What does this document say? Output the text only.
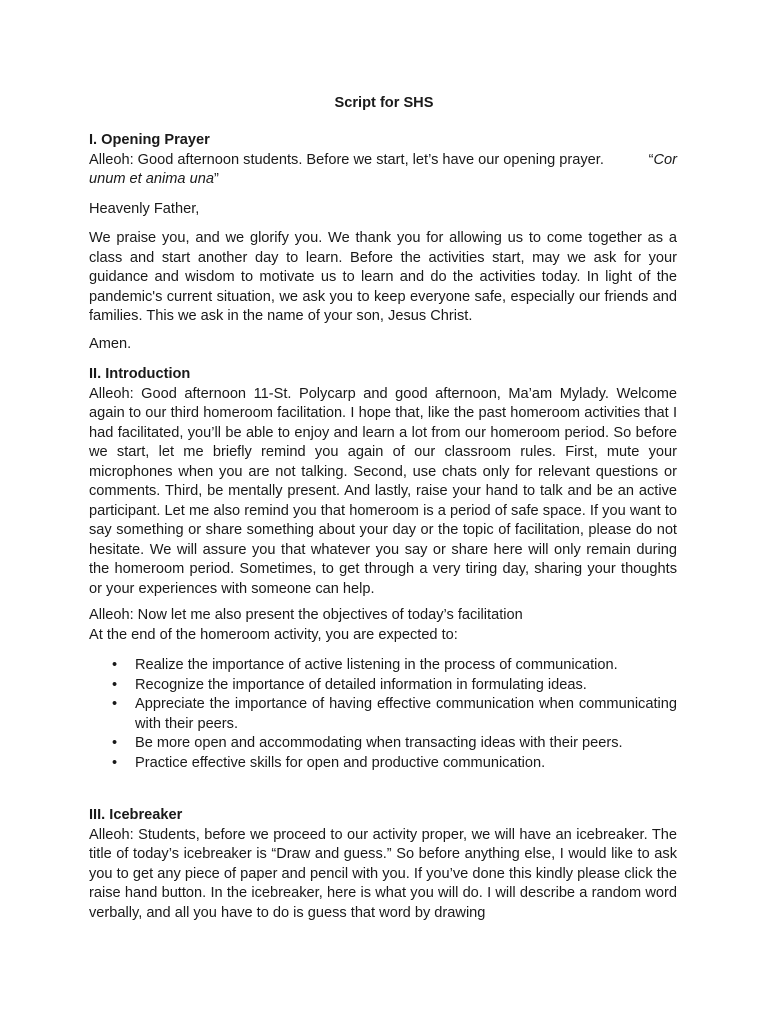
Script for SHS
I. Opening Prayer
Alleoh: Good afternoon students. Before we start, let’s have our opening prayer.	“Cor

unum et anima una”

Heavenly Father,

We praise you, and we glorify you. We thank you for allowing us to come together as a class and start another day to learn. Before the activities start, may we ask for your guidance and wisdom to motivate us to learn and do the activities today. In light of the pandemic's current situation, we ask you to keep everyone safe, especially our friends and families. This we ask in the name of your son, Jesus Christ.

Amen.

II. Introduction

Alleoh: Good afternoon 11-St. Polycarp and good afternoon, Ma’am Mylady. Welcome again to our third homeroom facilitation. I hope that, like the past homeroom activities that I had facilitated, you’ll be able to enjoy and learn a lot from our homeroom period. So before we start, let me briefly remind you again of our classroom rules. First, mute your microphones when you are not talking. Second, use chats only for relevant questions or comments. Third, be mentally present. And lastly, raise your hand to talk and be an active participant. Let me also remind you that homeroom is a period of safe space. If you want to say something or share something about your day or the topic of facilitation, please do not hesitate. We will assure you that whatever you say or share here will only remain during the homeroom period. Sometimes, to get through a very tiring day, sharing your thoughts or your experiences with someone can help.

Alleoh: Now let me also present the objectives of today’s facilitation

At the end of the homeroom activity, you are expected to:

• Realize the importance of active listening in the process of communication.
• Recognize the importance of detailed information in formulating ideas.
• Appreciate the importance of having effective communication when communicating with their peers.
• Be more open and accommodating when transacting ideas with their peers.
• Practice effective skills for open and productive communication.
III. Icebreaker

Alleoh: Students, before we proceed to our activity proper, we will have an icebreaker. The title of today’s icebreaker is “Draw and guess.” So before anything else, I would like to ask you to get any piece of paper and pencil with you. If you’ve done this kindly please click the raise hand button. In the icebreaker, here is what you will do. I will describe a random word verbally, and all you have to do is guess that word by drawing
